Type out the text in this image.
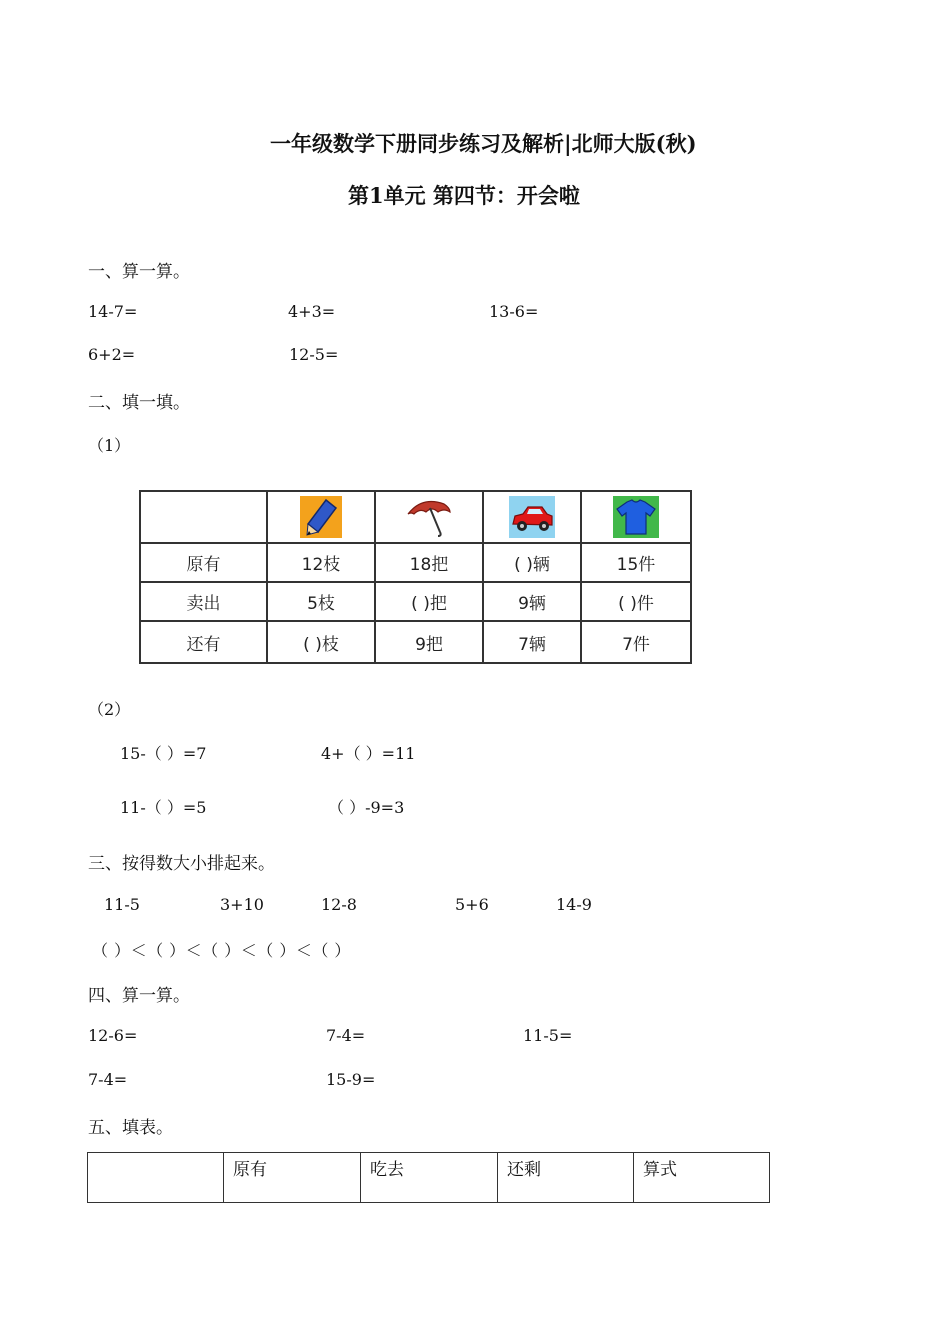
一年级数学下册同步练习及解析|北师大版(秋)
第1单元 第四节：开会啦
一、算一算。
14-7=	4+3=	13-6=
6+2=	12-5=
二、填一填。
（1）

原有	12枝	18把	( )辆	15件
卖出	5枝	( )把	9辆	( )件
还有	( )枝	9把	7辆	7件
（2）
15-（ ）=7	4+（ ）=11
11-（ ）=5	（ ）-9=3
三、按得数大小排起来。
11-5	3+10	12-8	5+6	14-9
（ ）＜（ ）＜（ ）＜（ ）＜（ ）
四、算一算。
12-6=	7-4=	11-5=
7-4=	15-9=
五、填表。
	原有	吃去	还剩	算式
